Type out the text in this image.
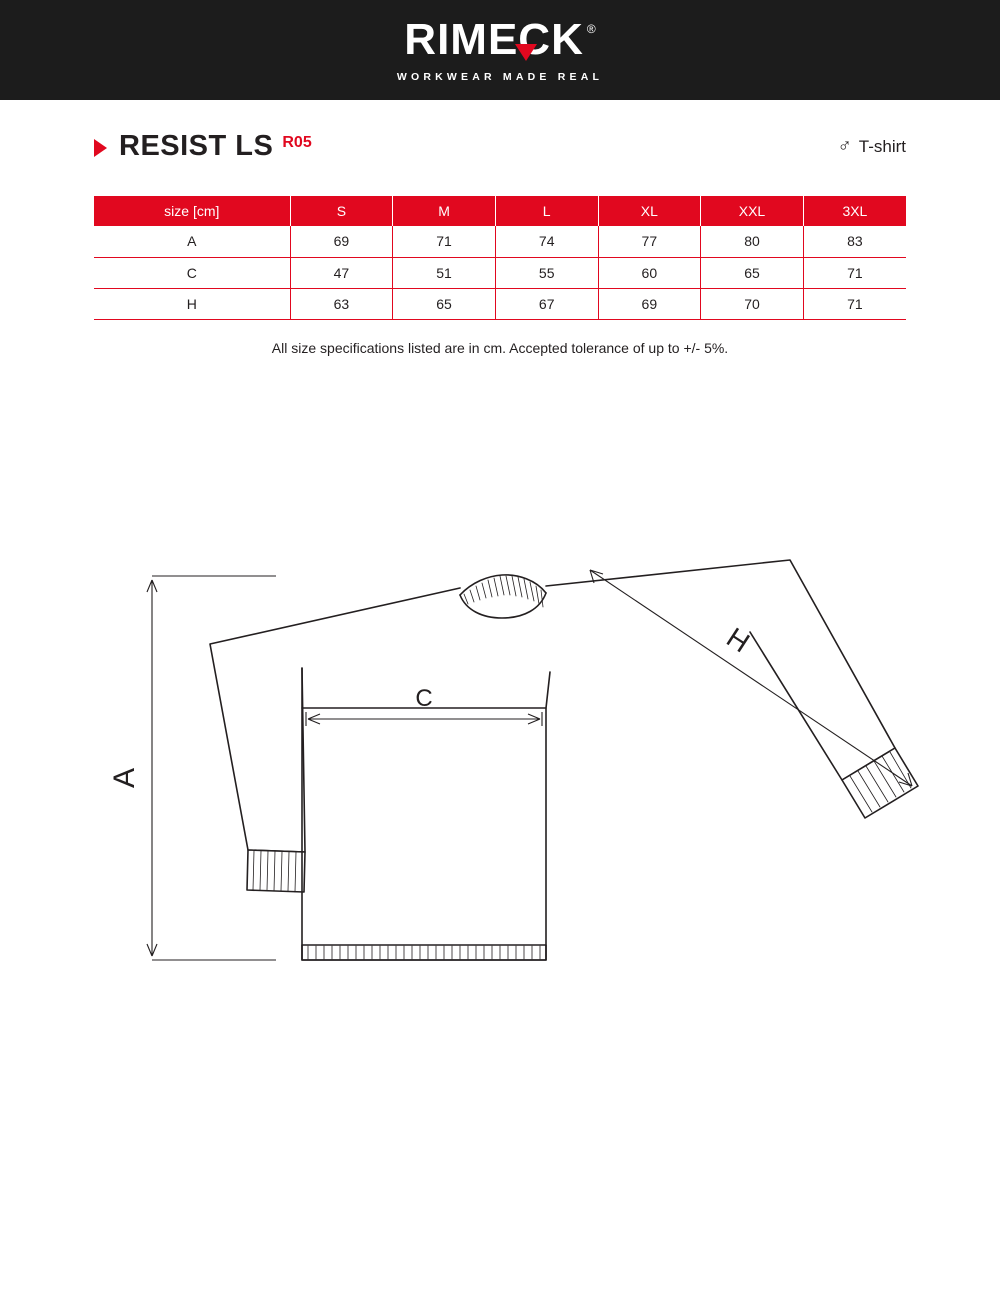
RIMECK ®
WORKWEAR MADE REAL
RESIST LS R05	♂ T-shirt
size [cm]	S	M	L	XL	XXL	3XL
A	69	71	74	77	80	83
C	47	51	55	60	65	71
H	63	65	67	69	70	71
All size specifications listed are in cm. Accepted tolerance of up to +/- 5%.
A
C
H
